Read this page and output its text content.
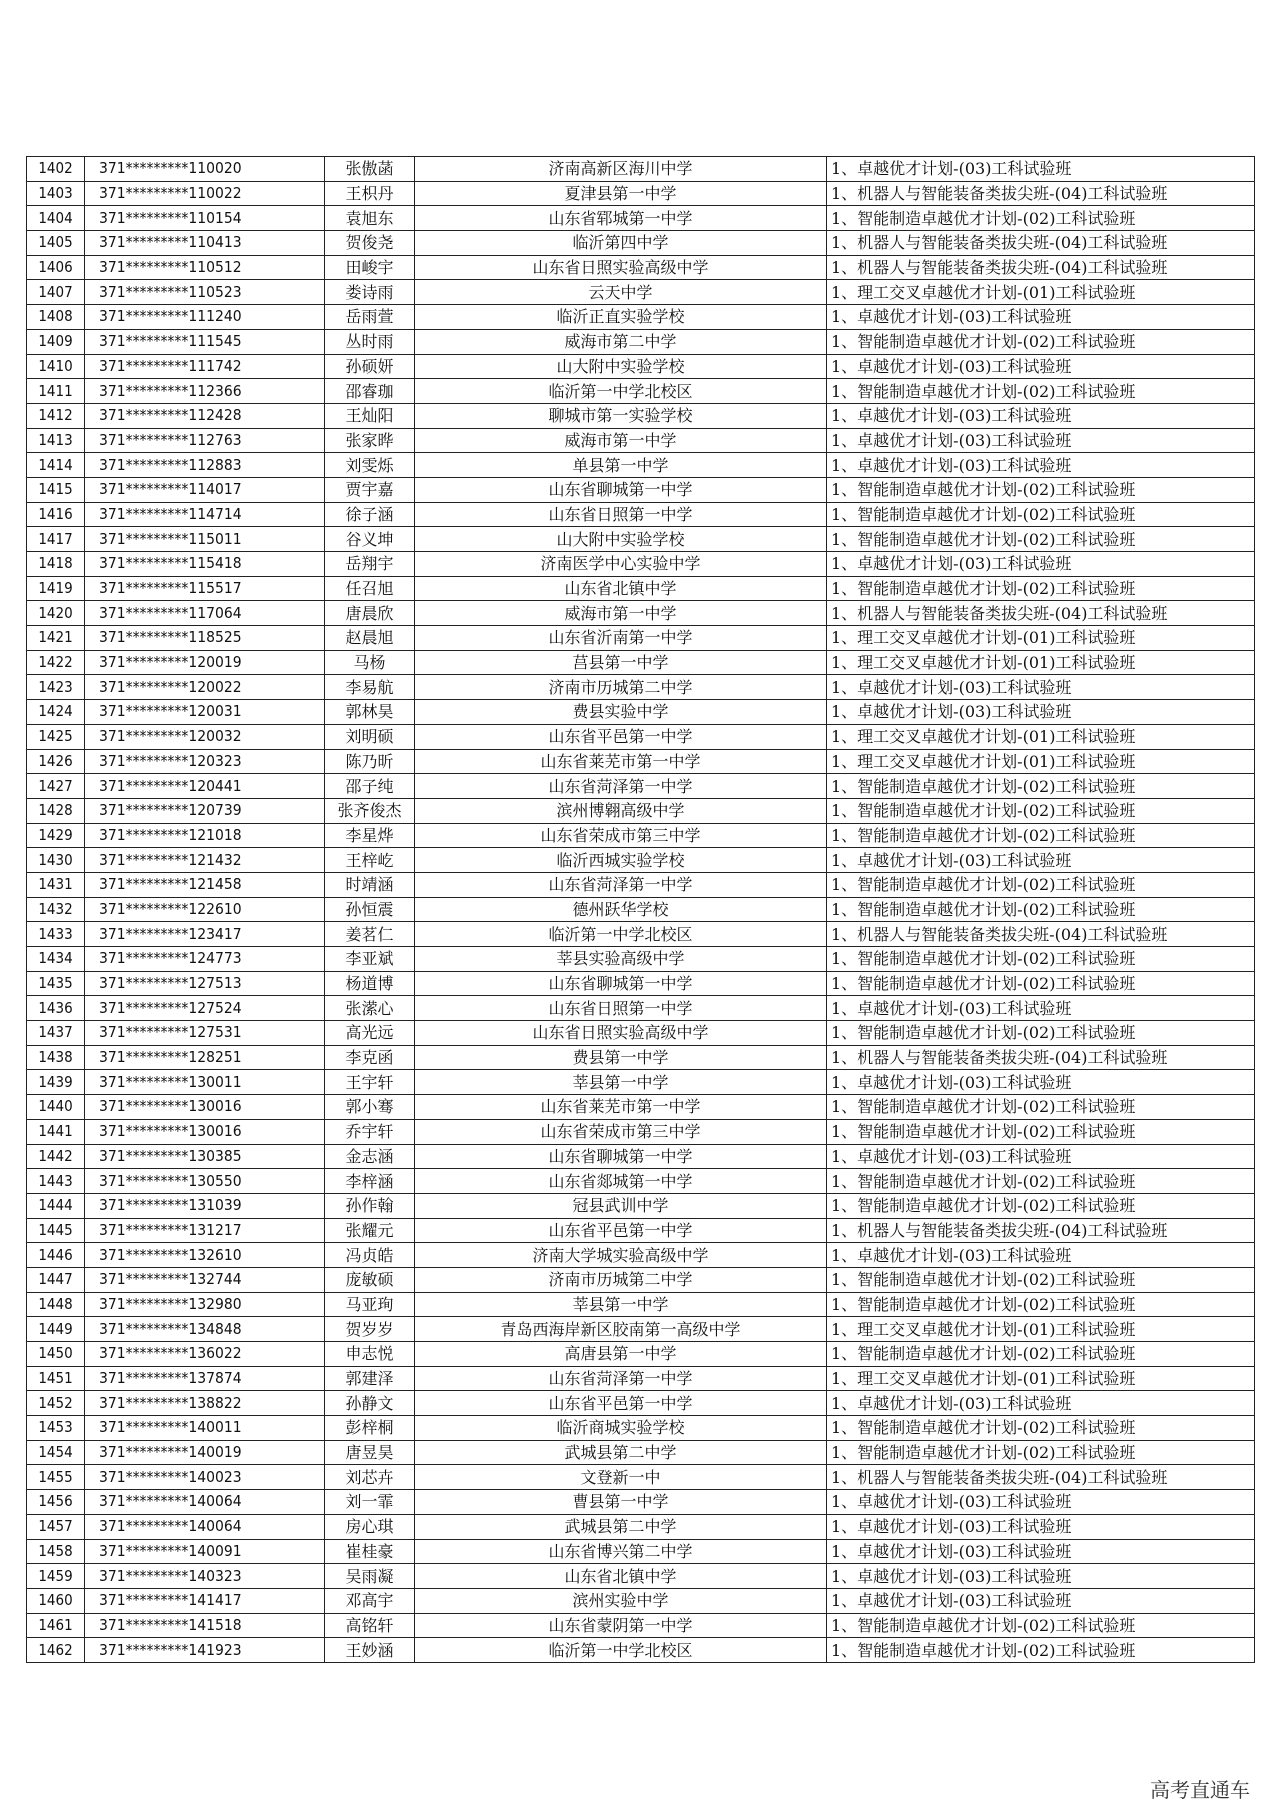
1402	371*********110020	张傲菡	济南高新区海川中学	1、卓越优才计划-(03)工科试验班
1403	371*********110022	王枳丹	夏津县第一中学	1、机器人与智能装备类拔尖班-(04)工科试验班
1404	371*********110154	袁旭东	山东省郓城第一中学	1、智能制造卓越优才计划-(02)工科试验班
1405	371*********110413	贺俊尧	临沂第四中学	1、机器人与智能装备类拔尖班-(04)工科试验班
1406	371*********110512	田峻宇	山东省日照实验高级中学	1、机器人与智能装备类拔尖班-(04)工科试验班
1407	371*********110523	娄诗雨	云天中学	1、理工交叉卓越优才计划-(01)工科试验班
1408	371*********111240	岳雨萱	临沂正直实验学校	1、卓越优才计划-(03)工科试验班
1409	371*********111545	丛时雨	威海市第二中学	1、智能制造卓越优才计划-(02)工科试验班
1410	371*********111742	孙硕妍	山大附中实验学校	1、卓越优才计划-(03)工科试验班
1411	371*********112366	邵睿珈	临沂第一中学北校区	1、智能制造卓越优才计划-(02)工科试验班
1412	371*********112428	王灿阳	聊城市第一实验学校	1、卓越优才计划-(03)工科试验班
1413	371*********112763	张家晔	威海市第一中学	1、卓越优才计划-(03)工科试验班
1414	371*********112883	刘雯烁	单县第一中学	1、卓越优才计划-(03)工科试验班
1415	371*********114017	贾宇嘉	山东省聊城第一中学	1、智能制造卓越优才计划-(02)工科试验班
1416	371*********114714	徐子涵	山东省日照第一中学	1、智能制造卓越优才计划-(02)工科试验班
1417	371*********115011	谷义坤	山大附中实验学校	1、智能制造卓越优才计划-(02)工科试验班
1418	371*********115418	岳翔宇	济南医学中心实验中学	1、卓越优才计划-(03)工科试验班
1419	371*********115517	任召旭	山东省北镇中学	1、智能制造卓越优才计划-(02)工科试验班
1420	371*********117064	唐晨欣	威海市第一中学	1、机器人与智能装备类拔尖班-(04)工科试验班
1421	371*********118525	赵晨旭	山东省沂南第一中学	1、理工交叉卓越优才计划-(01)工科试验班
1422	371*********120019	马杨	莒县第一中学	1、理工交叉卓越优才计划-(01)工科试验班
1423	371*********120022	李易航	济南市历城第二中学	1、卓越优才计划-(03)工科试验班
1424	371*********120031	郭林昊	费县实验中学	1、卓越优才计划-(03)工科试验班
1425	371*********120032	刘明硕	山东省平邑第一中学	1、理工交叉卓越优才计划-(01)工科试验班
1426	371*********120323	陈乃昕	山东省莱芜市第一中学	1、理工交叉卓越优才计划-(01)工科试验班
1427	371*********120441	邵子纯	山东省菏泽第一中学	1、智能制造卓越优才计划-(02)工科试验班
1428	371*********120739	张齐俊杰	滨州博翱高级中学	1、智能制造卓越优才计划-(02)工科试验班
1429	371*********121018	李星烨	山东省荣成市第三中学	1、智能制造卓越优才计划-(02)工科试验班
1430	371*********121432	王梓屹	临沂西城实验学校	1、卓越优才计划-(03)工科试验班
1431	371*********121458	时靖涵	山东省菏泽第一中学	1、智能制造卓越优才计划-(02)工科试验班
1432	371*********122610	孙恒震	德州跃华学校	1、智能制造卓越优才计划-(02)工科试验班
1433	371*********123417	姜茗仁	临沂第一中学北校区	1、机器人与智能装备类拔尖班-(04)工科试验班
1434	371*********124773	李亚斌	莘县实验高级中学	1、智能制造卓越优才计划-(02)工科试验班
1435	371*********127513	杨道博	山东省聊城第一中学	1、智能制造卓越优才计划-(02)工科试验班
1436	371*********127524	张潆心	山东省日照第一中学	1、卓越优才计划-(03)工科试验班
1437	371*********127531	高光远	山东省日照实验高级中学	1、智能制造卓越优才计划-(02)工科试验班
1438	371*********128251	李克函	费县第一中学	1、机器人与智能装备类拔尖班-(04)工科试验班
1439	371*********130011	王宇轩	莘县第一中学	1、卓越优才计划-(03)工科试验班
1440	371*********130016	郭小骞	山东省莱芜市第一中学	1、智能制造卓越优才计划-(02)工科试验班
1441	371*********130016	乔宇轩	山东省荣成市第三中学	1、智能制造卓越优才计划-(02)工科试验班
1442	371*********130385	金志涵	山东省聊城第一中学	1、卓越优才计划-(03)工科试验班
1443	371*********130550	李梓涵	山东省郯城第一中学	1、智能制造卓越优才计划-(02)工科试验班
1444	371*********131039	孙作翰	冠县武训中学	1、智能制造卓越优才计划-(02)工科试验班
1445	371*********131217	张耀元	山东省平邑第一中学	1、机器人与智能装备类拔尖班-(04)工科试验班
1446	371*********132610	冯贞皓	济南大学城实验高级中学	1、卓越优才计划-(03)工科试验班
1447	371*********132744	庞敏硕	济南市历城第二中学	1、智能制造卓越优才计划-(02)工科试验班
1448	371*********132980	马亚珣	莘县第一中学	1、智能制造卓越优才计划-(02)工科试验班
1449	371*********134848	贺岁岁	青岛西海岸新区胶南第一高级中学	1、理工交叉卓越优才计划-(01)工科试验班
1450	371*********136022	申志悦	高唐县第一中学	1、智能制造卓越优才计划-(02)工科试验班
1451	371*********137874	郭建泽	山东省菏泽第一中学	1、理工交叉卓越优才计划-(01)工科试验班
1452	371*********138822	孙静文	山东省平邑第一中学	1、卓越优才计划-(03)工科试验班
1453	371*********140011	彭梓桐	临沂商城实验学校	1、智能制造卓越优才计划-(02)工科试验班
1454	371*********140019	唐昱昊	武城县第二中学	1、智能制造卓越优才计划-(02)工科试验班
1455	371*********140023	刘芯卉	文登新一中	1、机器人与智能装备类拔尖班-(04)工科试验班
1456	371*********140064	刘一霏	曹县第一中学	1、卓越优才计划-(03)工科试验班
1457	371*********140064	房心琪	武城县第二中学	1、卓越优才计划-(03)工科试验班
1458	371*********140091	崔桂豪	山东省博兴第二中学	1、卓越优才计划-(03)工科试验班
1459	371*********140323	吴雨凝	山东省北镇中学	1、卓越优才计划-(03)工科试验班
1460	371*********141417	邓高宇	滨州实验中学	1、卓越优才计划-(03)工科试验班
1461	371*********141518	高铭轩	山东省蒙阴第一中学	1、智能制造卓越优才计划-(02)工科试验班
1462	371*********141923	王妙涵	临沂第一中学北校区	1、智能制造卓越优才计划-(02)工科试验班
高考直通车
